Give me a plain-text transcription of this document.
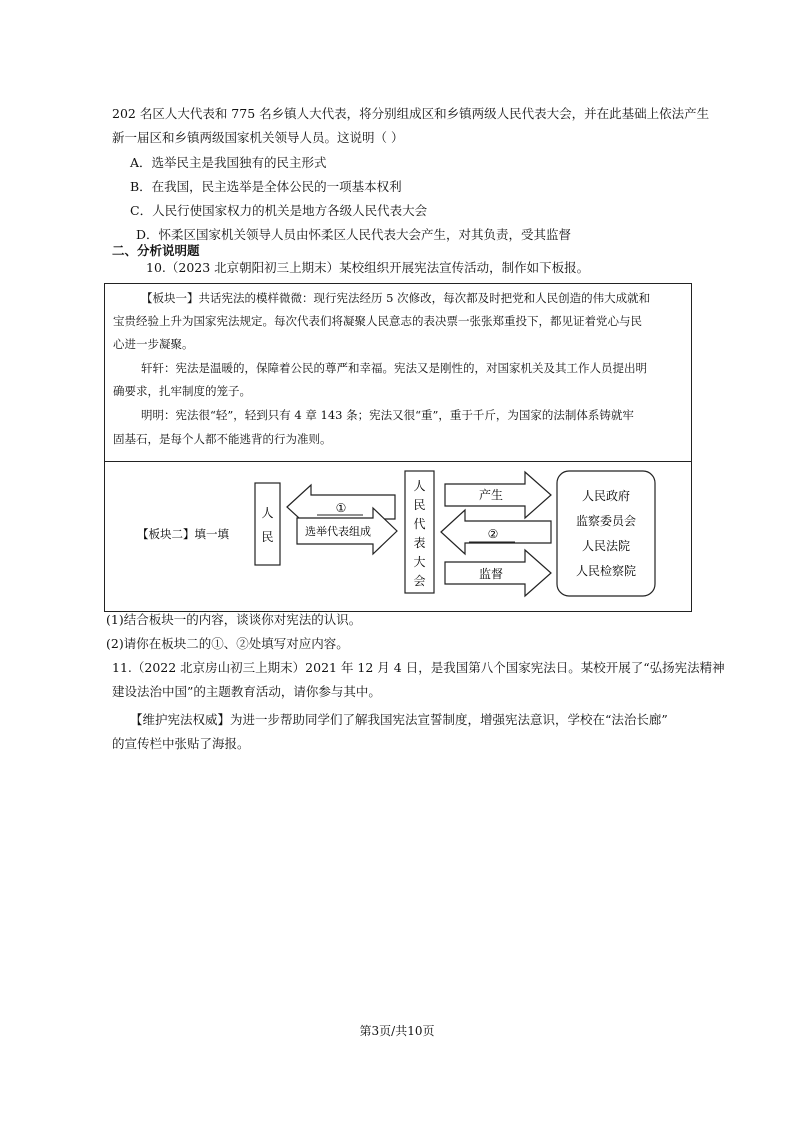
202 名区人大代表和 775 名乡镇人大代表，将分别组成区和乡镇两级人民代表大会，并在此基础上依法产生
新一届区和乡镇两级国家机关领导人员。这说明（ ）
A．选举民主是我国独有的民主形式
B．在我国，民主选举是全体公民的一项基本权利
C．人民行使国家权力的机关是地方各级人民代表大会
D．怀柔区国家机关领导人员由怀柔区人民代表大会产生，对其负责，受其监督
二、分析说明题
10.（2023 北京朝阳初三上期末）某校组织开展宪法宣传活动，制作如下板报。
【板块一】共话宪法的模样微微：现行宪法经历 5 次修改，每次都及时把党和人民创造的伟大成就和
宝贵经验上升为国家宪法规定。每次代表们将凝聚人民意志的表决票一张张郑重投下，都见证着党心与民
心进一步凝聚。
轩轩：宪法是温暖的，保障着公民的尊严和幸福。宪法又是刚性的，对国家机关及其工作人员提出明
确要求，扎牢制度的笼子。
明明：宪法很“轻”，轻到只有 4 章 143 条；宪法又很“重”，重于千斤，为国家的法制体系铸就牢
固基石，是每个人都不能逃背的行为准则。
【板块二】填一填
人
民
①
选举代表组成
人
民
代
表
大
会
产生
②
监督
人民政府
监察委员会
人民法院
人民检察院
(1)结合板块一的内容，谈谈你对宪法的认识。
(2)请你在板块二的①、②处填写对应内容。
11.（2022 北京房山初三上期末）2021 年 12 月 4 日，是我国第八个国家宪法日。某校开展了“弘扬宪法精神
建设法治中国”的主题教育活动，请你参与其中。
【维护宪法权威】为进一步帮助同学们了解我国宪法宣誓制度，增强宪法意识，学校在“法治长廊”
的宣传栏中张贴了海报。
第3页/共10页
